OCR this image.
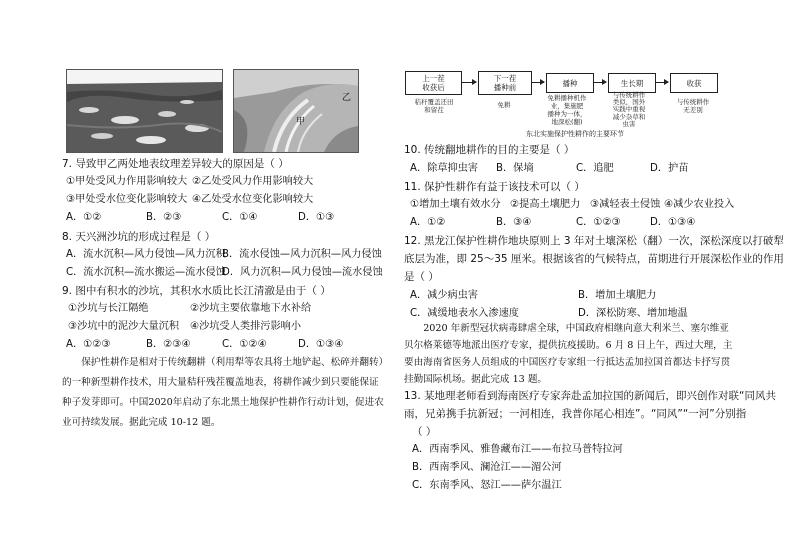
甲
乙
上一茬
收获后
下一茬
播种前	播种	生长期	收获
秸秆覆盖还田
和留茬
免耕
免耕播种机作
业，集施肥
播种为一体，
地深松(翻)
与传统耕作
类似，国外
实践中重视
减少杂草和
虫害
与传统耕作
无差别
东北实施保护性耕作的主要环节
7. 导致甲乙两处地表纹理差异较大的原因是（ ）
①甲处受风力作用影响较大 ②乙处受风力作用影响较大
③甲处受水位变化影响较大 ④乙处受水位变化影响较大
A．①②	B．②③	C．①④	D．①③
8. 天兴洲沙坑的形成过程是（ ）
A．流水沉积—风力侵蚀—风力沉积
B．流水侵蚀—风力沉积—风力侵蚀
C．流水沉积—流水搬运—流水侵蚀
D．风力沉积—风力侵蚀—流水侵蚀
9. 图中有积水的沙坑，其积水水质比长江清澈是由于（ ）
①沙坑与长江隔绝	②沙坑主要依靠地下水补给
③沙坑中的泥沙大量沉积 ④沙坑受人类排污影响小
A．①②③	B．②③④	C．①②④	D．①③④
保护性耕作是相对于传统翻耕（利用犁等农具将土地铲起、松碎并翻转）的一种新型耕作技术，用大量秸秆残茬覆盖地表，将耕作减少到只要能保证种子发芽即可。中国2020年启动了东北黑土地保护性耕作行动计划，促进农业可持续发展。据此完成 10-12 题。
10. 传统翻地耕作的目的主要是（ ）
A．除草抑虫害 B．保墒	C．追肥	D．护苗
11. 保护性耕作有益于该技术可以（ ）
①增加土壤有效水分 ②提高土壤肥力 ③减轻表土侵蚀 ④减少农业投入
A．①②	B．③④	C．①②③	D．①③④
12. 黑龙江保护性耕作地块原则上 3 年对土壤深松（翻）一次，深松深度以打破犁
底层为准，即 25～35 厘米。根据该省的气候特点，苗期进行开展深松作业的作用
是（ ）
A．减少病虫害	B．增加土壤肥力
C．减缓地表水入渗速度	D．深松防寒、增加地温
2020 年新型冠状病毒肆虐全球，中国政府相继向意大利米兰、塞尔维亚贝尔格莱德等地派出医疗专家，提供抗疫援助。6 月 8 日上午，西过大理，主要由海南省医务人员组成的中国医疗专家组一行抵达孟加拉国首都达卡抒写贯挂勤国际机场。据此完成 13 题。
13. 某地理老师看到海南医疗专家奔赴孟加拉国的新闻后，即兴创作对联“同风共
雨，兄弟携手抗新冠；一河相连，我普你尾心相连”。“同风”“一河”分别指
（ ）
A．西南季风、雅鲁藏布江——布拉马普特拉河
B．西南季风、澜沧江——湄公河
C．东南季风、怒江——萨尔温江
